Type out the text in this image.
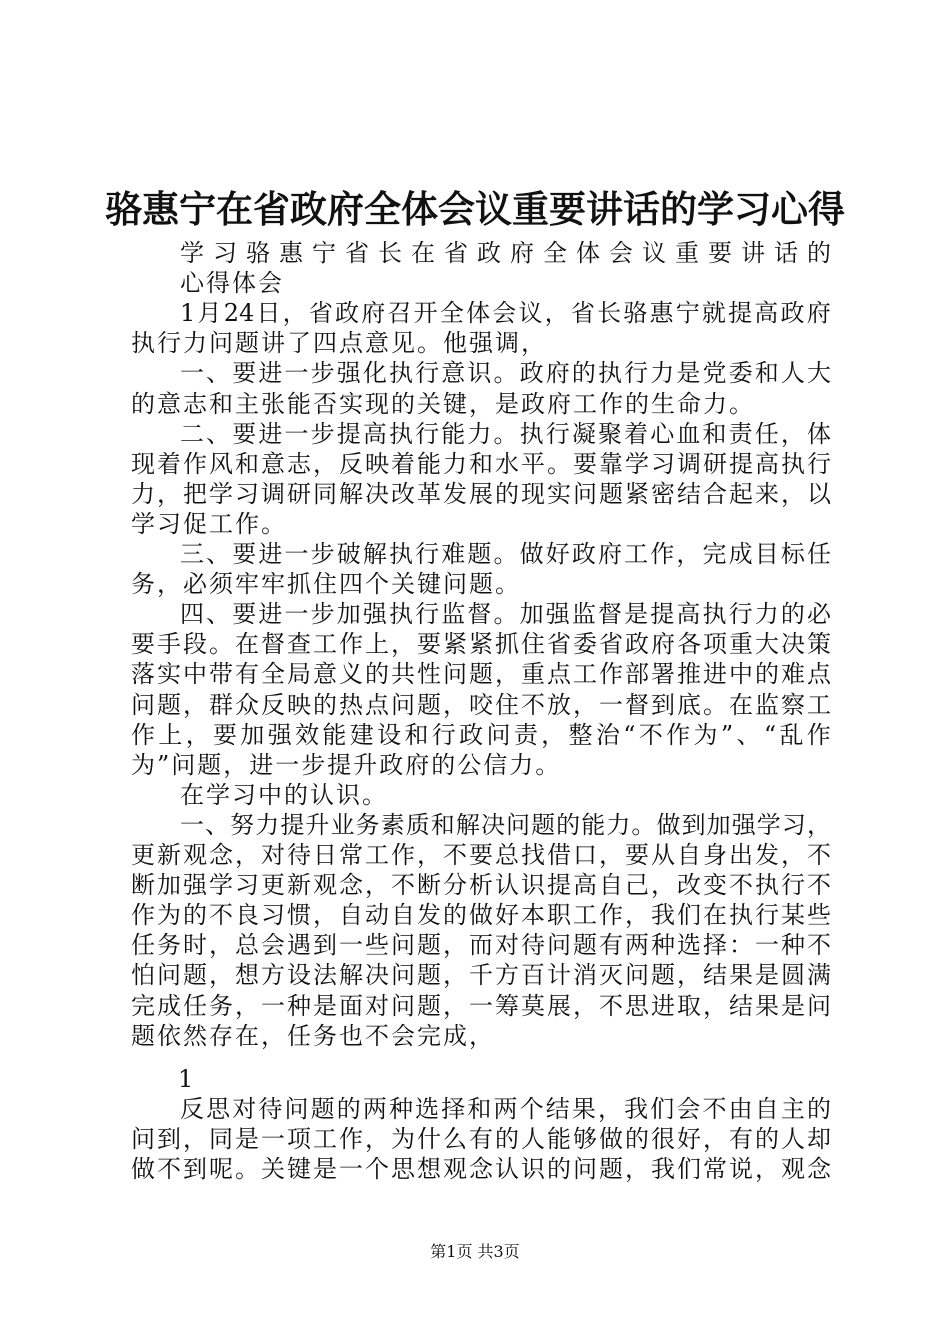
骆惠宁在省政府全体会议重要讲话的学习心得
学 习 骆 惠 宁 省 长 在 省 政 府 全 体 会 议 重 要 讲 话 的
心 得 体 会
1 月 24 日 ， 省 政 府 召 开 全 体 会 议 ， 省 长 骆 惠 宁 就 提 高 政 府
执 行 力 问 题 讲 了 四 点 意 见 。 他 强 调 ，
一 、 要 进 一 步 强 化 执 行 意 识 。 政 府 的 执 行 力 是 党 委 和 人 大
的 意 志 和 主 张 能 否 实 现 的 关 键 ， 是 政 府 工 作 的 生 命 力 。
二 、 要 进 一 步 提 高 执 行 能 力 。 执 行 凝 聚 着 心 血 和 责 任 ， 体
现 着 作 风 和 意 志 ， 反 映 着 能 力 和 水 平 。 要 靠 学 习 调 研 提 高 执 行
力 ， 把 学 习 调 研 同 解 决 改 革 发 展 的 现 实 问 题 紧 密 结 合 起 来 ， 以
学 习 促 工 作 。
三 、 要 进 一 步 破 解 执 行 难 题 。 做 好 政 府 工 作 ， 完 成 目 标 任
务 ， 必 须 牢 牢 抓 住 四 个 关 键 问 题 。
四 、 要 进 一 步 加 强 执 行 监 督 。 加 强 监 督 是 提 高 执 行 力 的 必
要 手 段 。 在 督 查 工 作 上 ， 要 紧 紧 抓 住 省 委 省 政 府 各 项 重 大 决 策
落 实 中 带 有 全 局 意 义 的 共 性 问 题 ， 重 点 工 作 部 署 推 进 中 的 难 点
问 题 ， 群 众 反 映 的 热 点 问 题 ， 咬 住 不 放 ， 一 督 到 底 。 在 监 察 工
作 上 ， 要 加 强 效 能 建 设 和 行 政 问 责 ， 整 治 “ 不 作 为 ” 、 “ 乱 作
为 ” 问 题 ， 进 一 步 提 升 政 府 的 公 信 力 。
在 学 习 中 的 认 识 。
一 、 努 力 提 升 业 务 素 质 和 解 决 问 题 的 能 力 。 做 到 加 强 学 习 ，
更 新 观 念 ， 对 待 日 常 工 作 ， 不 要 总 找 借 口 ， 要 从 自 身 出 发 ， 不
断 加 强 学 习 更 新 观 念 ， 不 断 分 析 认 识 提 高 自 己 ， 改 变 不 执 行 不
作 为 的 不 良 习 惯 ， 自 动 自 发 的 做 好 本 职 工 作 ， 我 们 在 执 行 某 些
任 务 时 ， 总 会 遇 到 一 些 问 题 ， 而 对 待 问 题 有 两 种 选 择 ： 一 种 不
怕 问 题 ， 想 方 设 法 解 决 问 题 ， 千 方 百 计 消 灭 问 题 ， 结 果 是 圆 满
完 成 任 务 ， 一 种 是 面 对 问 题 ， 一 筹 莫 展 ， 不 思 进 取 ， 结 果 是 问
题 依 然 存 在 ， 任 务 也 不 会 完 成 ，
1
反 思 对 待 问 题 的 两 种 选 择 和 两 个 结 果 ， 我 们 会 不 由 自 主 的
问 到 ， 同 是 一 项 工 作 ， 为 什 么 有 的 人 能 够 做 的 很 好 ， 有 的 人 却
做 不 到 呢 。 关 键 是 一 个 思 想 观 念 认 识 的 问 题 ， 我 们 常 说 ， 观 念
第1页 共3页
